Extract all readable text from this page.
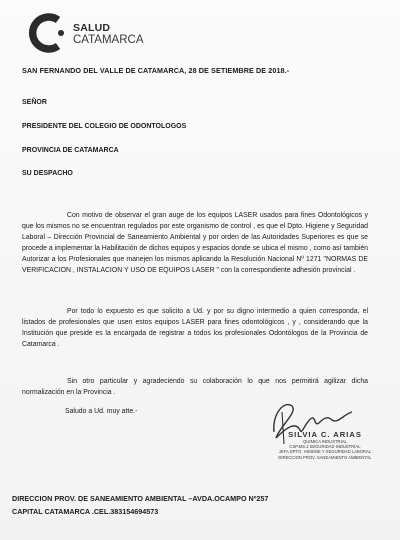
SALUD
CATAMARCA
SAN FERNANDO DEL VALLE DE CATAMARCA, 28 DE SETIEMBRE DE 2018.-
SEÑOR
PRESIDENTE DEL COLEGIO DE ODONTOLOGOS
PROVINCIA DE CATAMARCA
SU DESPACHO
Con motivo de observar el gran auge de los equipos LASER usados para fines Odontológicos y que los mismos no se encuentran regulados por este organismo de control , es que el Dpto. Higiene y Seguridad Laboral – Dirección Provincial de Saneamiento Ambiental y por orden de las Autoridades Superiores es que se procede a implementar la Habilitación de dichos equipos y espacios donde se ubica el mismo , como así también Autorizar a los Profesionales que manejen los mismos aplicando la Resolución Nacional Nº 1271 "NORMAS DE VERIFICACION , INSTALACION Y USO DE EQUIPOS LASER " con la correspondiente adhesión provincial .
Por todo lo expuesto es que solicito a Ud. y por su digno intermedio a quien corresponda, el listados de profesionales que usen estos equipos LASER para fines odontológicos , y , considerando que la Institución que preside es la encargada de registrar a todos los profesionales Odontólogos de la Provincia de Catamarca .
Sin otro particular y agradeciendo su colaboración lo que nos permitirá agilizar dicha normalización en la Provincia .
Saludo a Ud. muy atte.-
SILVIA C. ARIAS
QUIMICA INDUSTRIAL
CSP.MS.1 SEGURIDAD INDUSTRIAL
JEFA DPTO. HIGIENE Y SEGURIDAD LABORAL
DIRECCION PROV. SANEAMIENTO AMBIENTAL
DIRECCION PROV. DE SANEAMIENTO AMBIENTAL –AVDA.OCAMPO Nº257
CAPITAL CATAMARCA .CEL.383154694573
